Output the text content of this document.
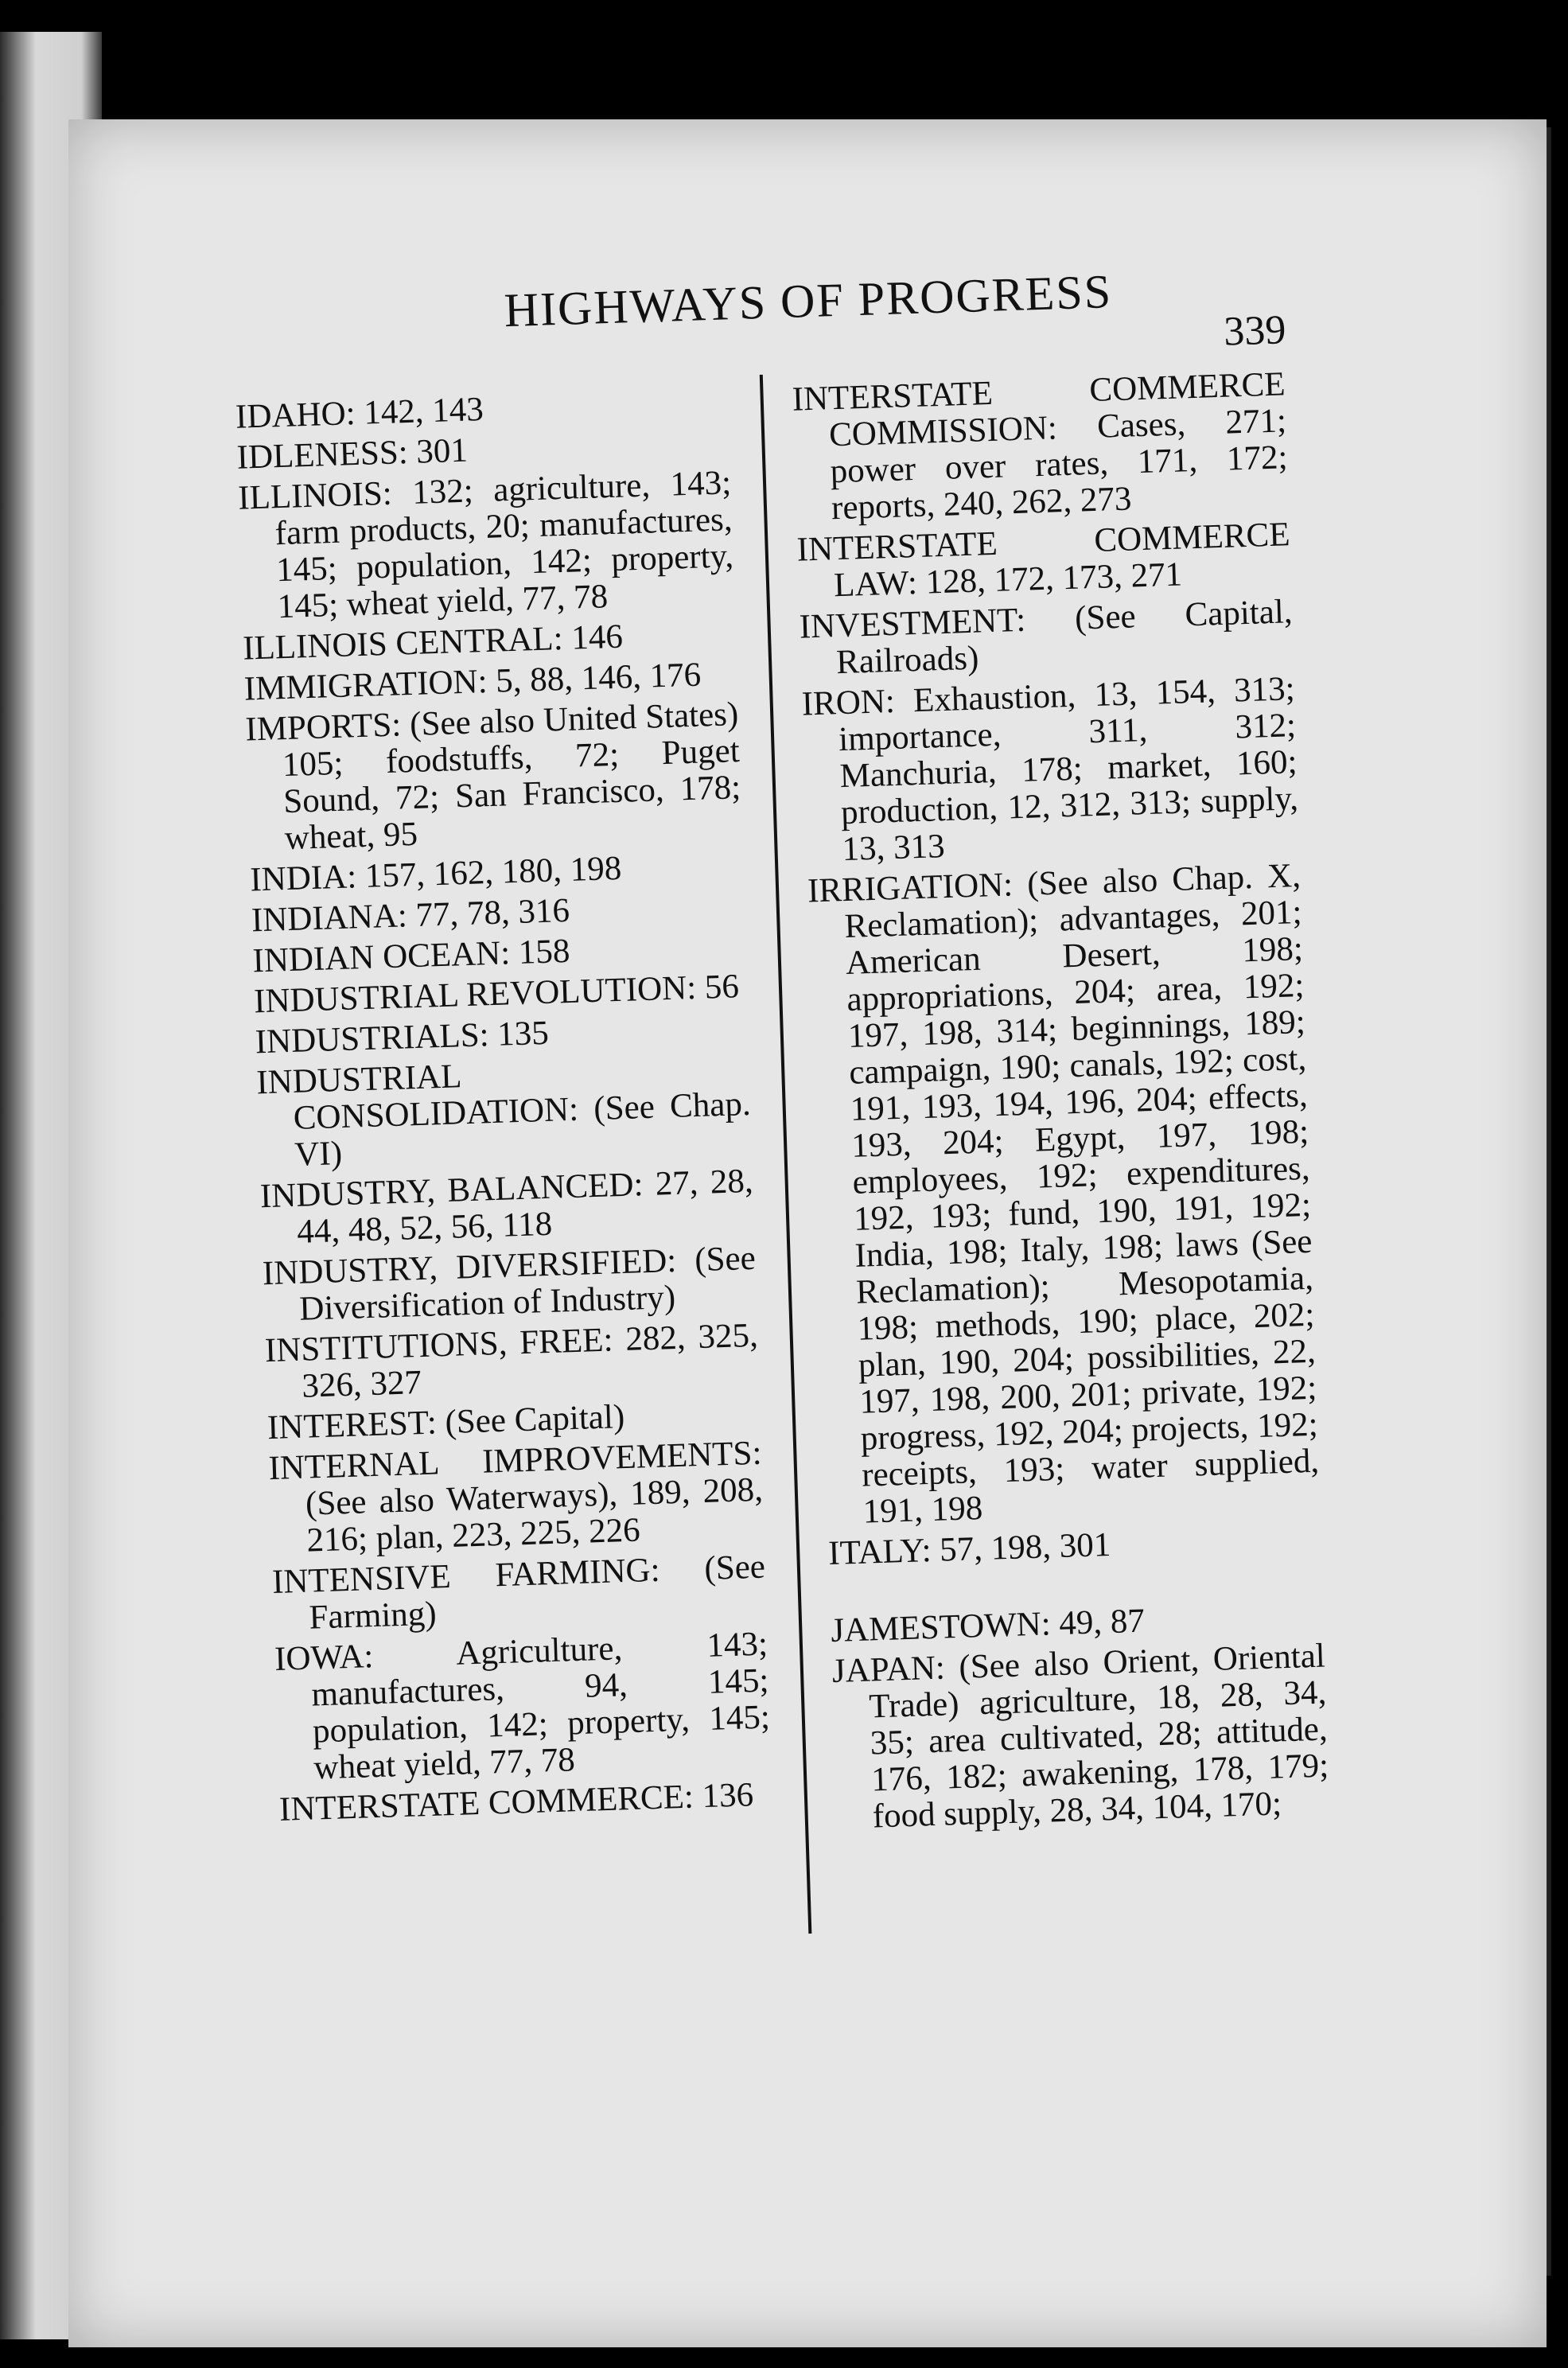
HIGHWAYS OF PROGRESS	339

IDAHO: 142, 143

IDLENESS: 301

ILLINOIS: 132; agriculture, 143; farm products, 20; manufactures, 145; population, 142; property, 145; wheat yield, 77, 78

ILLINOIS CENTRAL: 146

IMMIGRATION: 5, 88, 146, 176

IMPORTS: (See also United States) 105; foodstuffs, 72; Puget Sound, 72; San Francisco, 178; wheat, 95

INDIA: 157, 162, 180, 198

INDIANA: 77, 78, 316

INDIAN OCEAN: 158

INDUSTRIAL REVOLUTION: 56

INDUSTRIALS: 135

INDUSTRIAL CONSOLIDATION: (See Chap. VI)

INDUSTRY, BALANCED: 27, 28, 44, 48, 52, 56, 118

INDUSTRY, DIVERSIFIED: (See Diversification of Industry)

INSTITUTIONS, FREE: 282, 325, 326, 327

INTEREST: (See Capital)

INTERNAL IMPROVEMENTS: (See also Waterways), 189, 208, 216; plan, 223, 225, 226

INTENSIVE FARMING: (See Farming)

IOWA: Agriculture, 143; manufactures, 94, 145; population, 142; property, 145; wheat yield, 77, 78

INTERSTATE COMMERCE: 136

INTERSTATE COMMERCE COMMISSION: Cases, 271; power over rates, 171, 172; reports, 240, 262, 273

INTERSTATE COMMERCE LAW: 128, 172, 173, 271

INVESTMENT: (See Capital, Railroads)

IRON: Exhaustion, 13, 154, 313; importance, 311, 312; Manchuria, 178; market, 160; production, 12, 312, 313; supply, 13, 313

IRRIGATION: (See also Chap. X, Reclamation); advantages, 201; American Desert, 198; appropriations, 204; area, 192; 197, 198, 314; beginnings, 189; campaign, 190; canals, 192; cost, 191, 193, 194, 196, 204; effects, 193, 204; Egypt, 197, 198; employees, 192; expenditures, 192, 193; fund, 190, 191, 192; India, 198; Italy, 198; laws (See Reclamation); Mesopotamia, 198; methods, 190; place, 202; plan, 190, 204; possibilities, 22, 197, 198, 200, 201; private, 192; progress, 192, 204; projects, 192; receipts, 193; water supplied, 191, 198

ITALY: 57, 198, 301

JAMESTOWN: 49, 87

JAPAN: (See also Orient, Oriental Trade) agriculture, 18, 28, 34, 35; area cultivated, 28; attitude, 176, 182; awakening, 178, 179; food supply, 28, 34, 104, 170;
